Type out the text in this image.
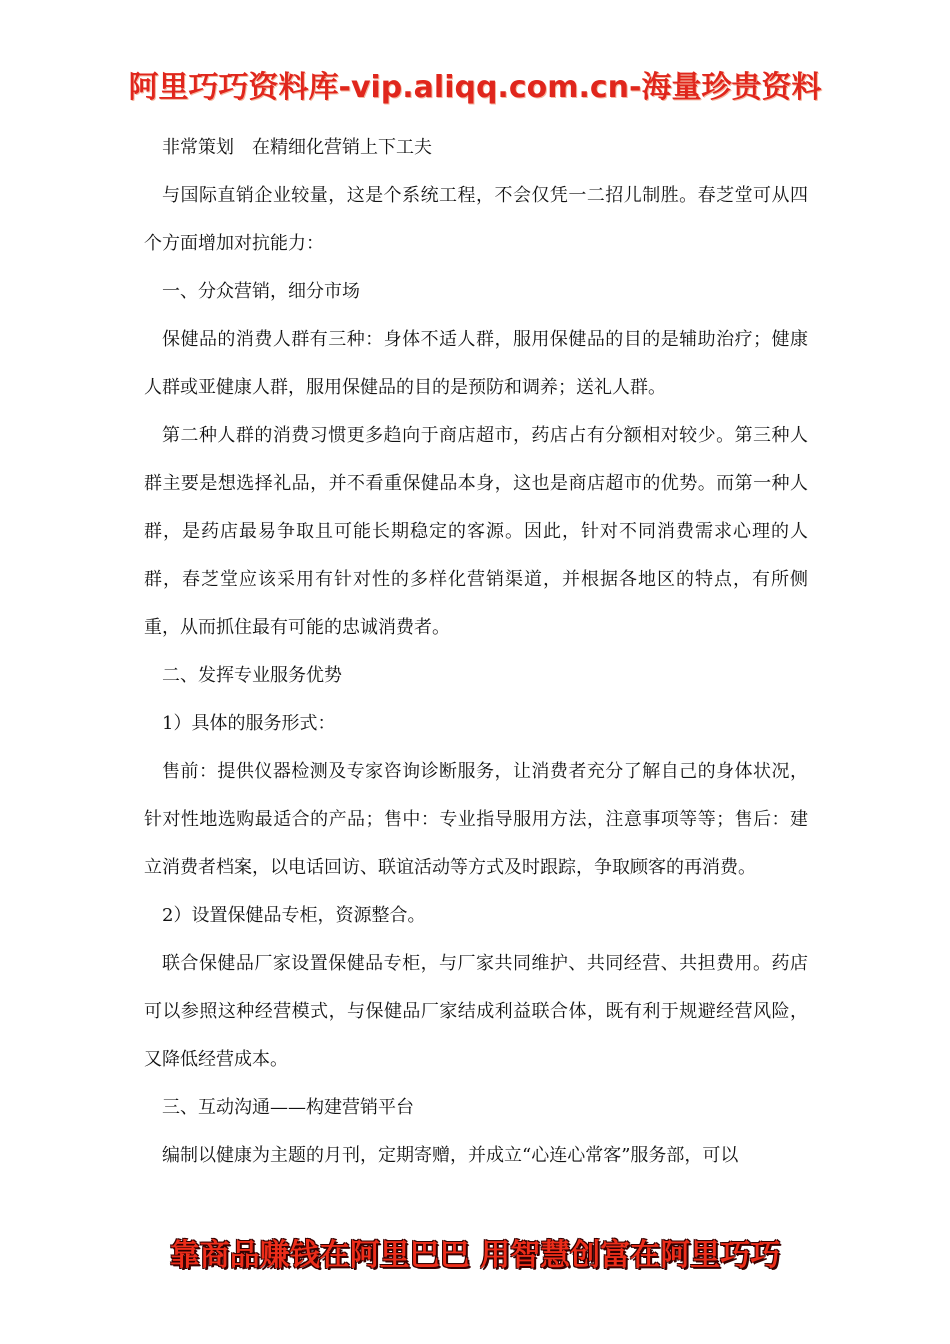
阿里巧巧资料库-vip.aliqq.com.cn-海量珍贵资料

非常策划　在精细化营销上下工夫

与国际直销企业较量，这是个系统工程，不会仅凭一二招儿制胜。春芝堂可从四个方面增加对抗能力：

一、分众营销，细分市场

保健品的消费人群有三种：身体不适人群，服用保健品的目的是辅助治疗；健康人群或亚健康人群，服用保健品的目的是预防和调养；送礼人群。

第二种人群的消费习惯更多趋向于商店超市，药店占有分额相对较少。第三种人群主要是想选择礼品，并不看重保健品本身，这也是商店超市的优势。而第一种人群，是药店最易争取且可能长期稳定的客源。因此，针对不同消费需求心理的人群，春芝堂应该采用有针对性的多样化营销渠道，并根据各地区的特点，有所侧重，从而抓住最有可能的忠诚消费者。

二、发挥专业服务优势

1）具体的服务形式：

售前：提供仪器检测及专家咨询诊断服务，让消费者充分了解自己的身体状况，针对性地选购最适合的产品；售中：专业指导服用方法，注意事项等等；售后：建立消费者档案，以电话回访、联谊活动等方式及时跟踪，争取顾客的再消费。

2）设置保健品专柜，资源整合。

联合保健品厂家设置保健品专柜，与厂家共同维护、共同经营、共担费用。药店可以参照这种经营模式，与保健品厂家结成利益联合体，既有利于规避经营风险，又降低经营成本。

三、互动沟通——构建营销平台

编制以健康为主题的月刊，定期寄赠，并成立“心连心常客”服务部，可以

靠商品赚钱在阿里巴巴 用智慧创富在阿里巧巧
